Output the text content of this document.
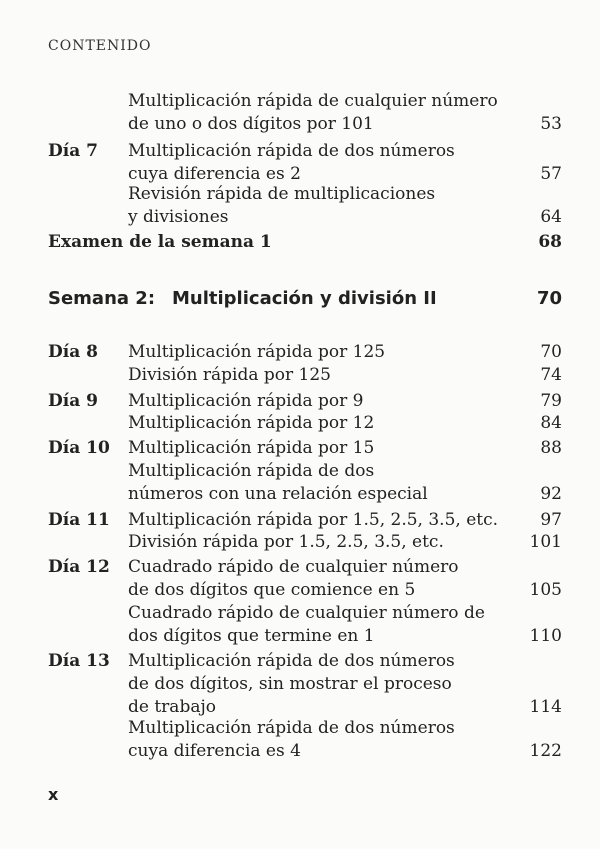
CONTENIDO
Multiplicación rápida de cualquier número
de uno o dos dígitos por 101	53
Día 7 Multiplicación rápida de dos números
cuya diferencia es 2	57
Revisión rápida de multiplicaciones
y divisiones	64
Examen de la semana 1	68
Semana 2: Multiplicación y división II	70
Día 8 Multiplicación rápida por 125	70
División rápida por 125	74
Día 9 Multiplicación rápida por 9	79
Multiplicación rápida por 12	84
Día 10 Multiplicación rápida por 15	88
Multiplicación rápida de dos
números con una relación especial	92
Día 11 Multiplicación rápida por 1.5, 2.5, 3.5, etc.	97
División rápida por 1.5, 2.5, 3.5, etc.	101
Día 12 Cuadrado rápido de cualquier número
de dos dígitos que comience en 5	105
Cuadrado rápido de cualquier número de
dos dígitos que termine en 1	110
Día 13 Multiplicación rápida de dos números
de dos dígitos, sin mostrar el proceso
de trabajo	114
Multiplicación rápida de dos números
cuya diferencia es 4	122
x
